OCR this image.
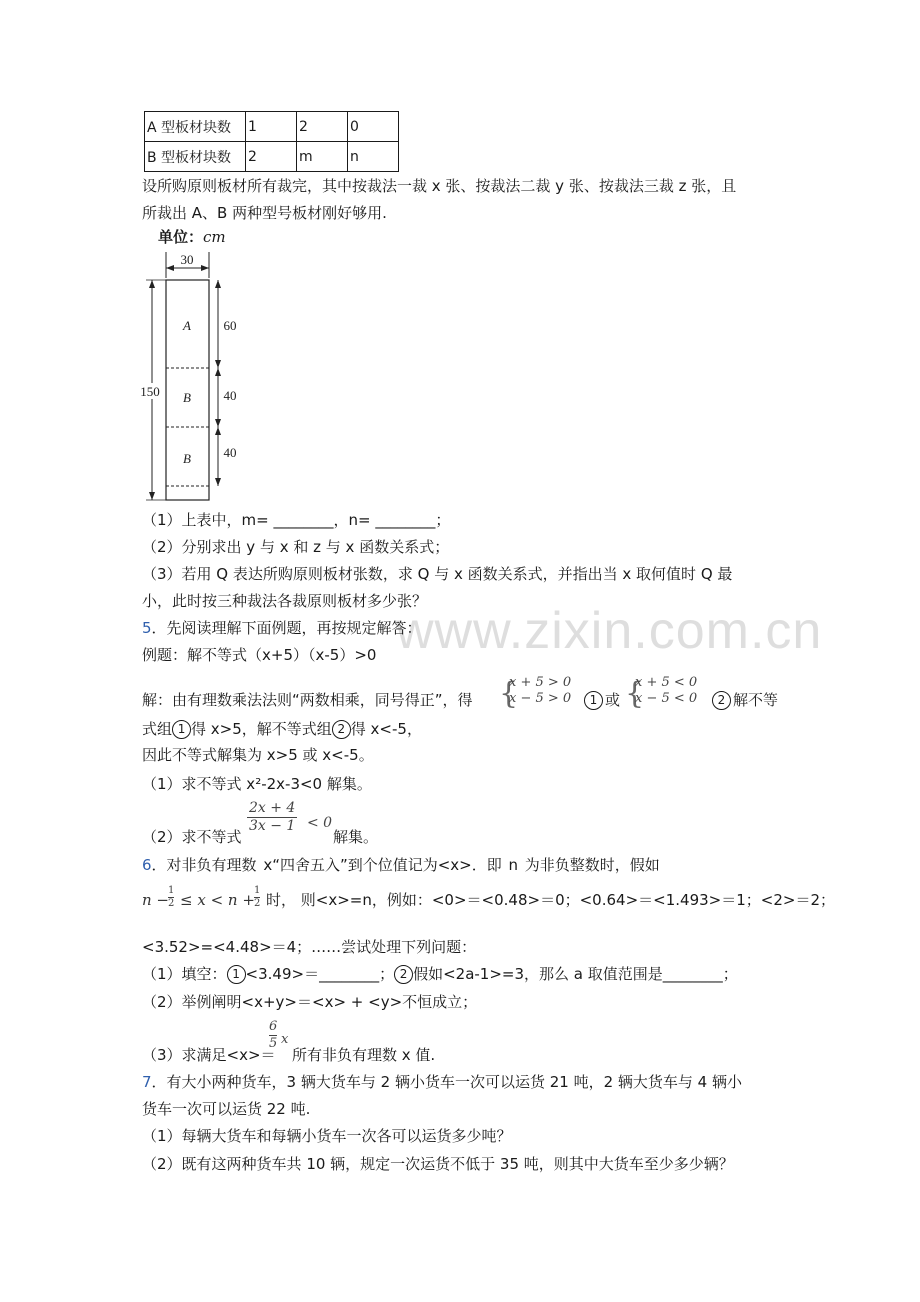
A 型板材块数	1	2	0
B 型板材块数	2	m	n
设所购原则板材所有裁完，其中按裁法一裁 x 张、按裁法二裁 y 张、按裁法三裁 z 张，且
所裁出 A、B 两种型号板材刚好够用.
单位：cm
30
A
B
B
150
60
40
40
（1）上表中，m= ________，n= ________；
（2）分别求出 y 与 x 和 z 与 x 函数关系式；
（3）若用 Q 表达所购原则板材张数，求 Q 与 x 函数关系式，并指出当 x 取何值时 Q 最
小，此时按三种裁法各裁原则板材多少张？
www.zixin.com.cn
5．先阅读理解下面例题，再按规定解答：
例题：解不等式（x+5）（x-5）>0
解：由有理数乘法法则“两数相乘，同号得正”，得 {
x + 5 > 0
x − 5 > 0	1 或 {
x + 5 < 0
x − 5 < 0	2 解不等
式组 1 得 x>5，解不等式组 2 得 x<-5，
因此不等式解集为 x>5 或 x<-5。
（1）求不等式 x²-2x-3<0 解集。
（2）求不等式
$\frac{2x + 4}{3x - 1} < 0$
解集。
6．对非负有理数 x“四舍五入”到个位值记为<x>．即 n 为非负整数时，假如
$n - \frac{1}{2} \le x < n + \frac{1}{2}$ 时， 则<x>=n，例如：<0>＝<0.48>＝0；<0.64>＝<1.493>＝1；<2>＝2；
<3.52>=<4.48>＝4；……尝试处理下列问题：
（1）填空： 1 <3.49>＝________； 2 假如<2a-1>=3，那么 a 取值范围是________；
（2）举例阐明<x+y>＝<x> + <y>不恒成立；
（3）求满足<x>＝
$\frac{6}{5}$ x
所有非负有理数 x 值.
7．有大小两种货车，3 辆大货车与 2 辆小货车一次可以运货 21 吨，2 辆大货车与 4 辆小
货车一次可以运货 22 吨.
（1）每辆大货车和每辆小货车一次各可以运货多少吨？
（2）既有这两种货车共 10 辆，规定一次运货不低于 35 吨，则其中大货车至少多少辆？
